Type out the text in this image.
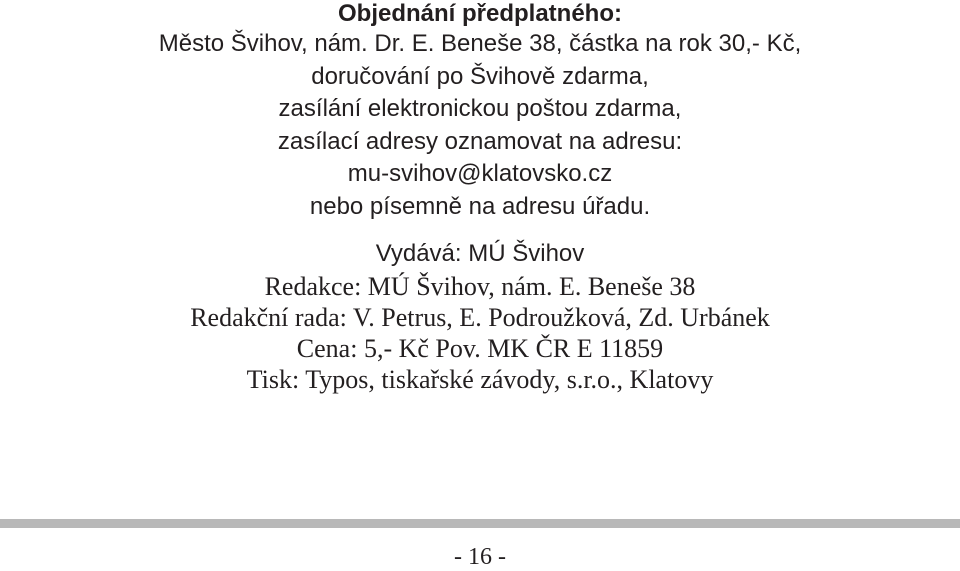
Objednání předplatného:
Město Švihov, nám. Dr. E. Beneše 38, částka na rok 30,- Kč,
doručování po Švihově zdarma,
zasílání elektronickou poštou zdarma,
zasílací adresy oznamovat na adresu:
mu-svihov@klatovsko.cz
nebo písemně na adresu úřadu.
Vydává: MÚ Švihov
Redakce: MÚ Švihov, nám. E. Beneše 38
Redakční rada: V. Petrus, E. Podroužková, Zd. Urbánek
Cena: 5,- Kč Pov. MK ČR E 11859
Tisk: Typos, tiskařské závody, s.r.o., Klatovy
- 16 -
